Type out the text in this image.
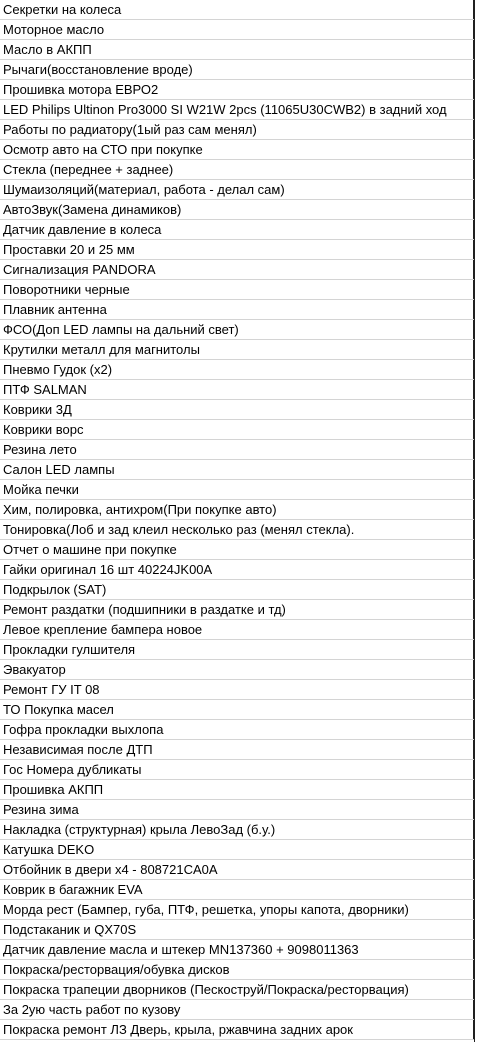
Секретки на колеса
Моторное масло
Масло в АКПП
Рычаги(восстановление вроде)
Прошивка мотора ЕВРО2
LED Philips Ultinon Pro3000 SI W21W 2pcs (11065U30CWB2) в задний ход
Работы по радиатору(1ый раз сам менял)
Осмотр авто на СТО при покупке
Стекла (переднее + заднее)
Шумаизоляций(материал, работа - делал сам)
АвтоЗвук(Замена динамиков)
Датчик давление в колеса
Проставки 20 и 25 мм
Сигнализация PANDORA
Поворотники черные
Плавник антенна
ФСО(Доп LED лампы на дальний свет)
Крутилки металл для магнитолы
Пневмо Гудок (х2)
ПТФ SALMAN
Коврики 3Д
Коврики ворс
Резина лето
Салон LED лампы
Мойка печки
Хим, полировка, антихром(При покупке авто)
Тонировка(Лоб и зад клеил несколько раз (менял стекла).
Отчет о машине при покупке
Гайки оригинал 16 шт 40224JK00A
Подкрылок (SAT)
Ремонт раздатки (подшипники в раздатке и тд)
Левое крепление бампера новое
Прокладки гулшителя
Эвакуатор
Ремонт ГУ IT 08
ТО Покупка масел
Гофра прокладки выхлопа
Независимая после ДТП
Гос Номера дубликаты
Прошивка АКПП
Резина зима
Накладка (структурная) крыла ЛевоЗад (б.у.)
Катушка DEKO
Отбойник в двери х4 - 808721CA0A
Коврик в багажник EVA
Морда рест (Бампер, губа, ПТФ, решетка, упоры капота, дворники)
Подстаканик и QX70S
Датчик давление масла и штекер MN137360 + 9098011363
Покраска/ресторвация/обувка дисков
Покраска трапеции дворников (Пескоструй/Покраска/ресторвация)
За 2ую часть работ по кузову
Покраска ремонт ЛЗ Дверь, крыла, ржавчина задних арок
